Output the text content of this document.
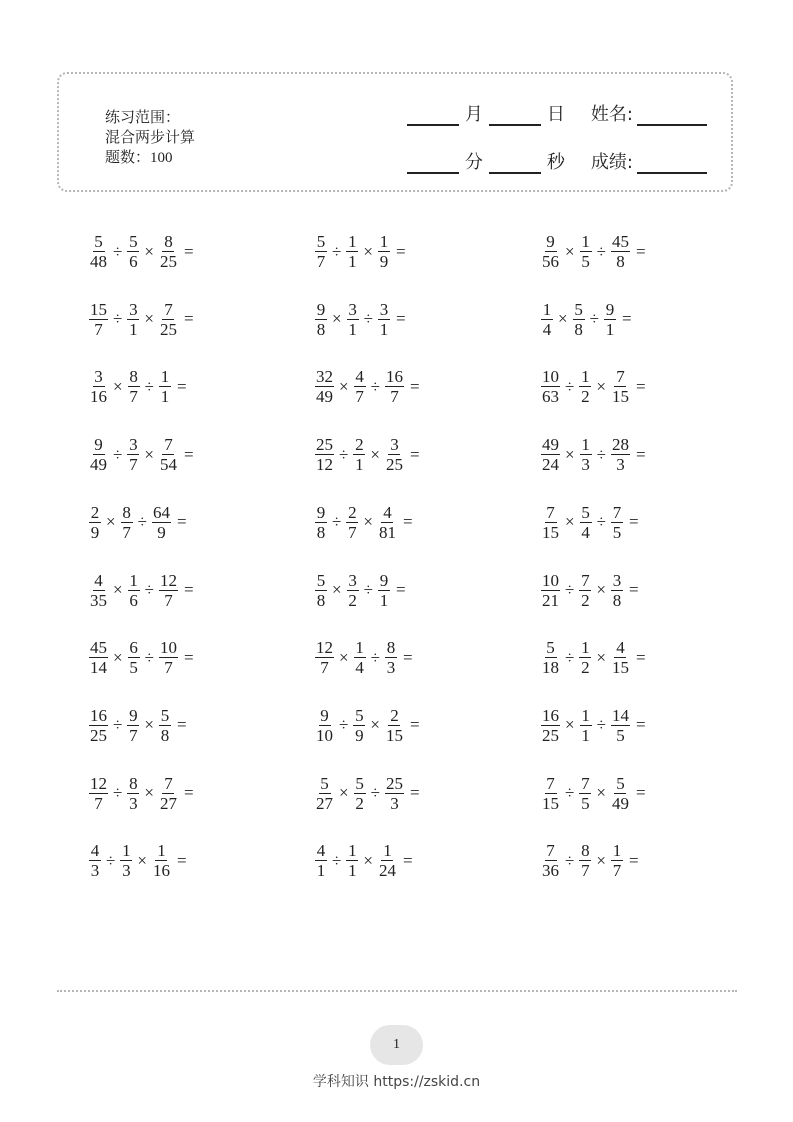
练习范围：
混合两步计算
题数：100
月	日 姓名:
分	秒 成绩:
$\frac{5}{48} \div \frac{5}{6} \times \frac{8}{25}$ =	$\frac{5}{7} \div \frac{1}{1} \times \frac{1}{9}$ =	$\frac{9}{56} \times \frac{1}{5} \div \frac{45}{8}$ =
$\frac{15}{7} \div \frac{3}{1} \times \frac{7}{25}$ =	$\frac{9}{8} \times \frac{3}{1} \div \frac{3}{1}$ =	$\frac{1}{4} \times \frac{5}{8} \div \frac{9}{1}$ =
$\frac{3}{16} \times \frac{8}{7} \div \frac{1}{1}$ =	$\frac{32}{49} \times \frac{4}{7} \div \frac{16}{7}$ =	$\frac{10}{63} \div \frac{1}{2} \times \frac{7}{15}$ =
$\frac{9}{49} \div \frac{3}{7} \times \frac{7}{54}$ =	$\frac{25}{12} \div \frac{2}{1} \times \frac{3}{25}$ =	$\frac{49}{24} \times \frac{1}{3} \div \frac{28}{3}$ =
$\frac{2}{9} \times \frac{8}{7} \div \frac{64}{9}$ =	$\frac{9}{8} \div \frac{2}{7} \times \frac{4}{81}$ =	$\frac{7}{15} \times \frac{5}{4} \div \frac{7}{5}$ =
$\frac{4}{35} \times \frac{1}{6} \div \frac{12}{7}$ =	$\frac{5}{8} \times \frac{3}{2} \div \frac{9}{1}$ =	$\frac{10}{21} \div \frac{7}{2} \times \frac{3}{8}$ =
$\frac{45}{14} \times \frac{6}{5} \div \frac{10}{7}$ =	$\frac{12}{7} \times \frac{1}{4} \div \frac{8}{3}$ =	$\frac{5}{18} \div \frac{1}{2} \times \frac{4}{15}$ =
$\frac{16}{25} \div \frac{9}{7} \times \frac{5}{8}$ =	$\frac{9}{10} \div \frac{5}{9} \times \frac{2}{15}$ =	$\frac{16}{25} \times \frac{1}{1} \div \frac{14}{5}$ =
$\frac{12}{7} \div \frac{8}{3} \times \frac{7}{27}$ =	$\frac{5}{27} \times \frac{5}{2} \div \frac{25}{3}$ =	$\frac{7}{15} \div \frac{7}{5} \times \frac{5}{49}$ =
$\frac{4}{3} \div \frac{1}{3} \times \frac{1}{16}$ =	$\frac{4}{1} \div \frac{1}{1} \times \frac{1}{24}$ =	$\frac{7}{36} \div \frac{8}{7} \times \frac{1}{7}$ =
1
学科知识 https://zskid.cn
